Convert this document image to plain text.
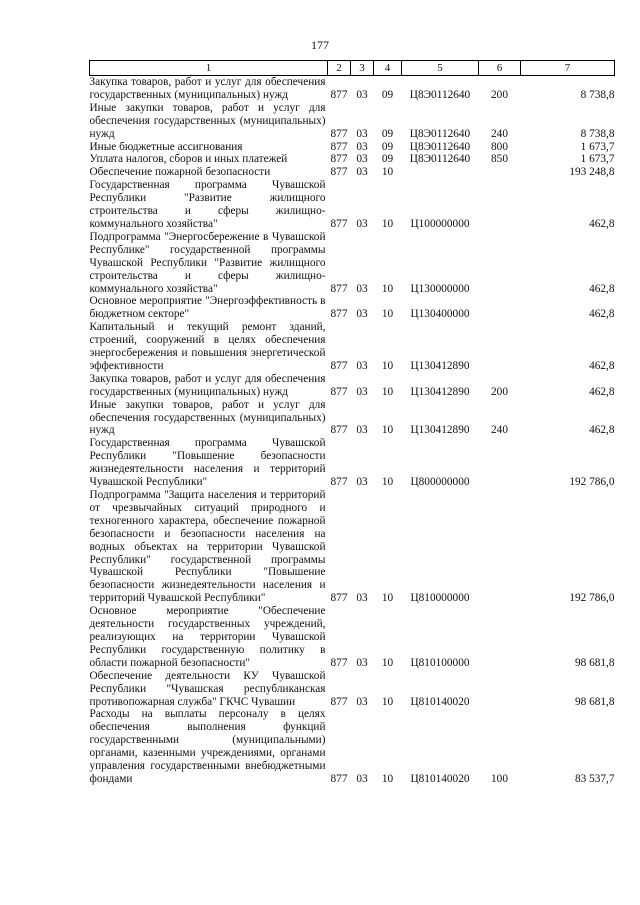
177
1	2	3	4	5	6	7
Закупка товаров, работ и услуг для обеспечения государственных (муниципальных) нужд	877	03	09	Ц8Э0112640	200	8 738,8
Иные закупки товаров, работ и услуг для обеспечения государственных (муниципальных) нужд	877	03	09	Ц8Э0112640	240	8 738,8
Иные бюджетные ассигнования	877	03	09	Ц8Э0112640	800	1 673,7
Уплата налогов, сборов и иных платежей	877	03	09	Ц8Э0112640	850	1 673,7
Обеспечение пожарной безопасности	877	03	10			193 248,8
Государственная программа Чувашской Республики "Развитие жилищного строительства и сферы жилищно-коммунального хозяйства"	877	03	10	Ц100000000		462,8
Подпрограмма "Энергосбережение в Чувашской Республике" государственной программы Чувашской Республики "Развитие жилищного строительства и сферы жилищно-коммунального хозяйства"	877	03	10	Ц130000000		462,8
Основное мероприятие "Энергоэффективность в бюджетном секторе"	877	03	10	Ц130400000		462,8
Капитальный и текущий ремонт зданий, строений, сооружений в целях обеспечения энергосбережения и повышения энергетической эффективности	877	03	10	Ц130412890		462,8
Закупка товаров, работ и услуг для обеспечения государственных (муниципальных) нужд	877	03	10	Ц130412890	200	462,8
Иные закупки товаров, работ и услуг для обеспечения государственных (муниципальных) нужд	877	03	10	Ц130412890	240	462,8
Государственная программа Чувашской Республики "Повышение безопасности жизнедеятельности населения и территорий Чувашской Республики"	877	03	10	Ц800000000		192 786,0
Подпрограмма "Защита населения и территорий от чрезвычайных ситуаций природного и техногенного характера, обеспечение пожарной безопасности и безопасности населения на водных объектах на территории Чувашской Республики" государственной программы Чувашской Республики "Повышение безопасности жизнедеятельности населения и территорий Чувашской Республики"	877	03	10	Ц810000000		192 786,0
Основное мероприятие "Обеспечение деятельности государственных учреждений, реализующих на территории Чувашской Республики государственную политику в области пожарной безопасности"	877	03	10	Ц810100000		98 681,8
Обеспечение деятельности КУ Чувашской Республики "Чувашская республиканская противопожарная служба" ГКЧС Чувашии	877	03	10	Ц810140020		98 681,8
Расходы на выплаты персоналу в целях обеспечения выполнения функций государственными (муниципальными) органами, казенными учреждениями, органами управления государственными внебюджетными фондами	877	03	10	Ц810140020	100	83 537,7
